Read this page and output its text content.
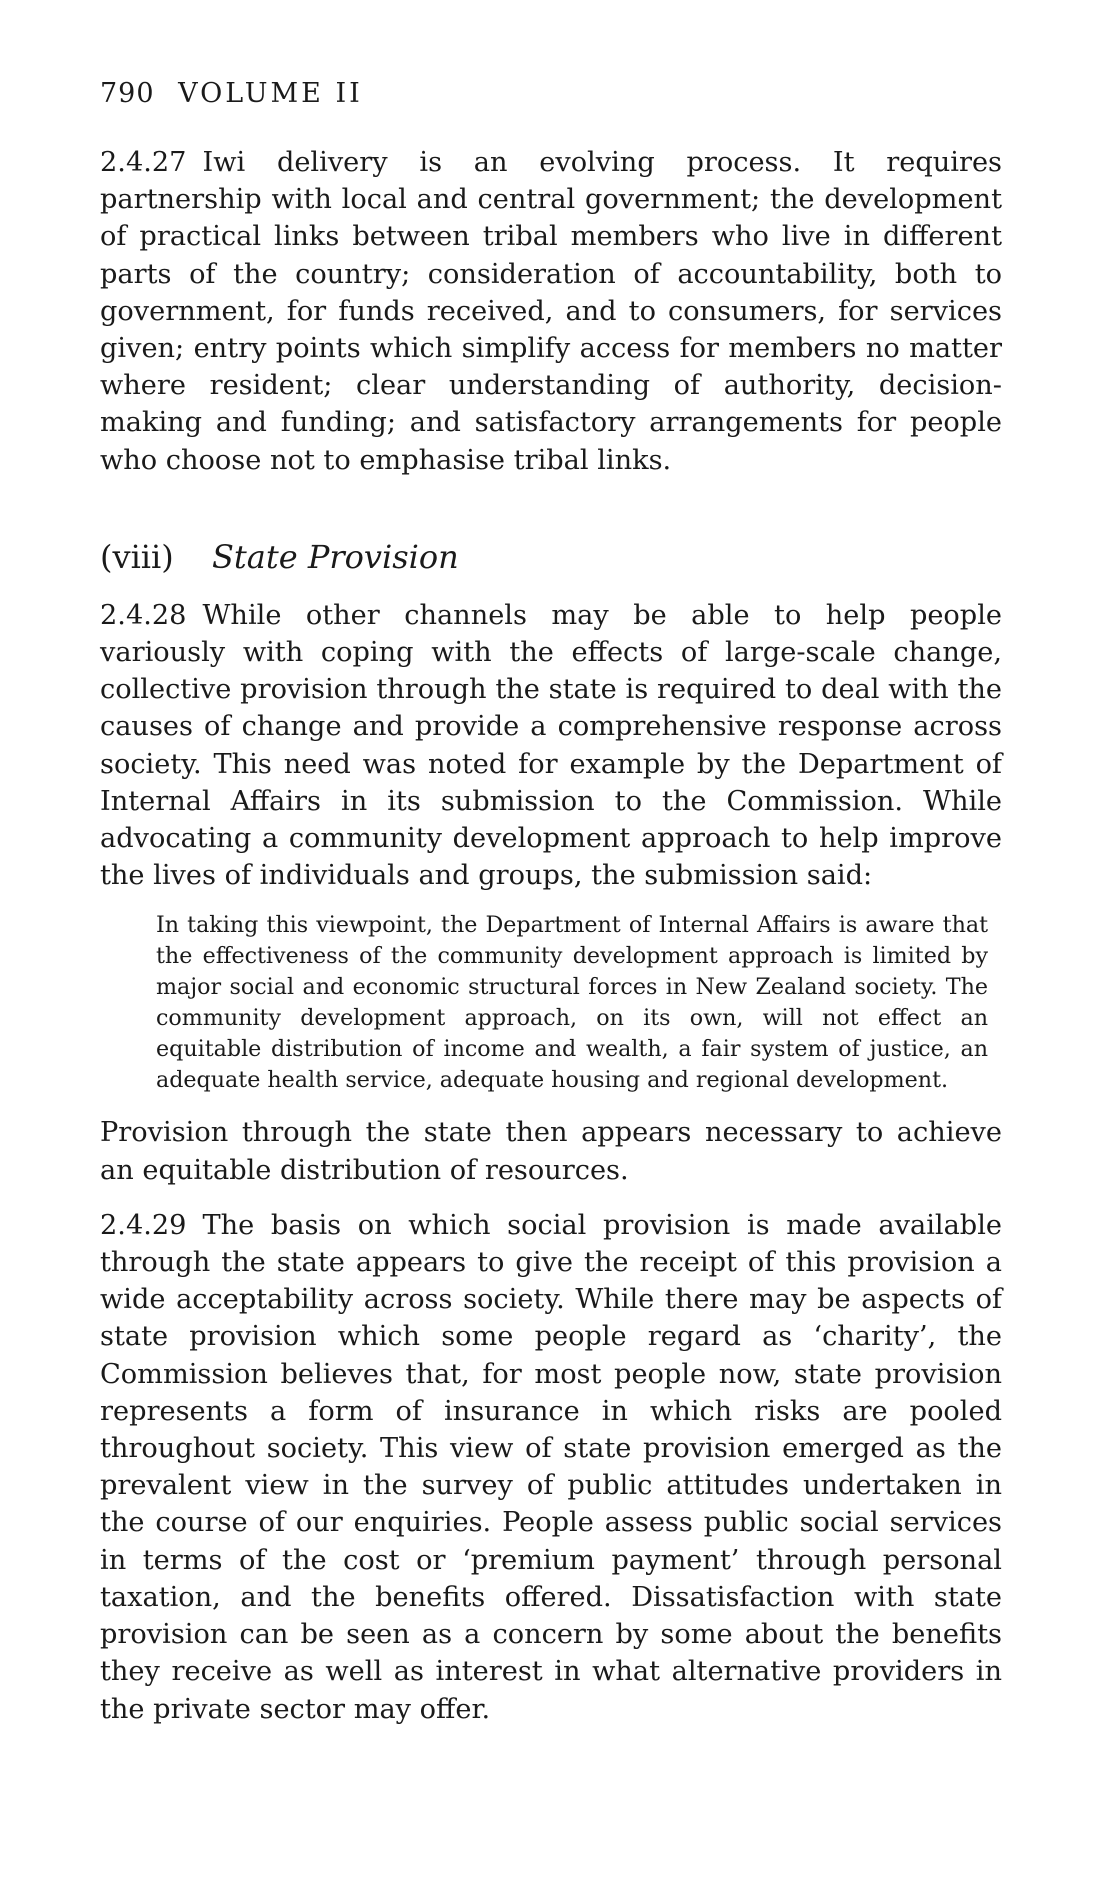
790 VOLUME II

2.4.27 Iwi delivery is an evolving process. It requires partnership with local and central government; the development of practical links between tribal members who live in different parts of the country; consideration of accountability, both to government, for funds received, and to consumers, for services given; entry points which simplify access for members no matter where resident; clear understanding of authority, decision-making and funding; and satisfactory arrangements for people who choose not to emphasise tribal links.

(viii) State Provision

2.4.28 While other channels may be able to help people variously with coping with the effects of large-scale change, collective provision through the state is required to deal with the causes of change and provide a comprehensive response across society. This need was noted for example by the Department of Internal Affairs in its submission to the Commission. While advocating a community development approach to help improve the lives of individuals and groups, the submission said:

In taking this viewpoint, the Department of Internal Affairs is aware that the effectiveness of the community development approach is limited by major social and economic structural forces in New Zealand society. The community development approach, on its own, will not effect an equitable distribution of income and wealth, a fair system of justice, an adequate health service, adequate housing and regional development.

Provision through the state then appears necessary to achieve an equitable distribution of resources.

2.4.29 The basis on which social provision is made available through the state appears to give the receipt of this provision a wide acceptability across society. While there may be aspects of state provision which some people regard as ‘charity’, the Commission believes that, for most people now, state provision represents a form of insurance in which risks are pooled throughout society. This view of state provision emerged as the prevalent view in the survey of public attitudes undertaken in the course of our enquiries. People assess public social services in terms of the cost or ‘premium payment’ through personal taxation, and the benefits offered. Dissatisfaction with state provision can be seen as a concern by some about the benefits they receive as well as interest in what alternative providers in the private sector may offer.
